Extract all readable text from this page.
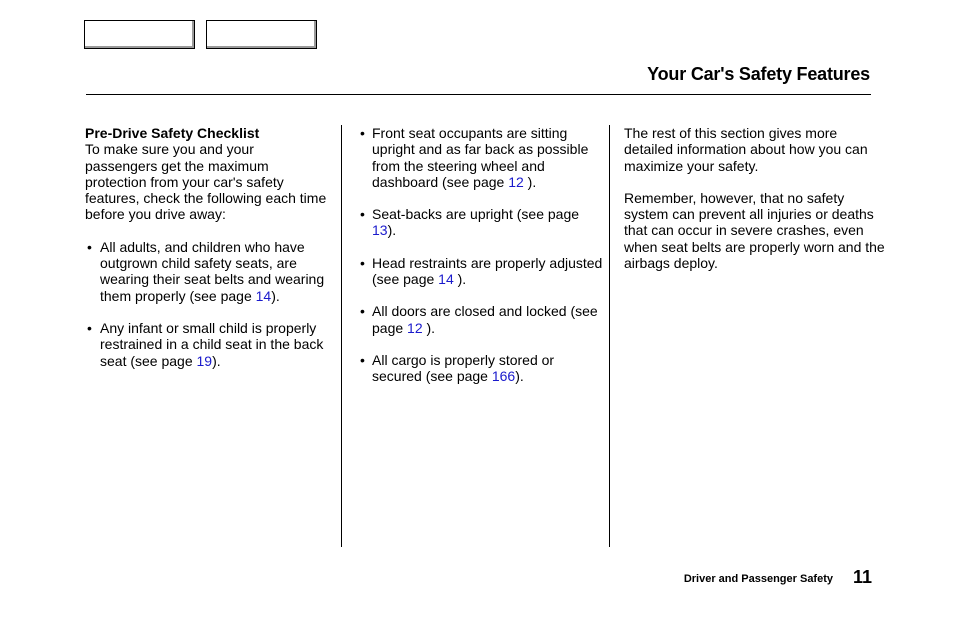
Your Car's Safety Features
Pre-Drive Safety Checklist

To make sure you and your passengers get the maximum protection from your car's safety features, check the following each time before you drive away:

• All adults, and children who have outgrown child safety seats, are wearing their seat belts and wearing them properly (see page 14).
• Any infant or small child is properly restrained in a child seat in the back seat (see page 19).
• Front seat occupants are sitting upright and as far back as possible from the steering wheel and dashboard (see page 12 ).
• Seat-backs are upright (see page 13).
• Head restraints are properly adjusted (see page 14 ).
• All doors are closed and locked (see page 12 ).
• All cargo is properly stored or secured (see page 166).

The rest of this section gives more detailed information about how you can maximize your safety.

Remember, however, that no safety system can prevent all injuries or deaths that can occur in severe crashes, even when seat belts are properly worn and the airbags deploy.

Driver and Passenger Safety 11
